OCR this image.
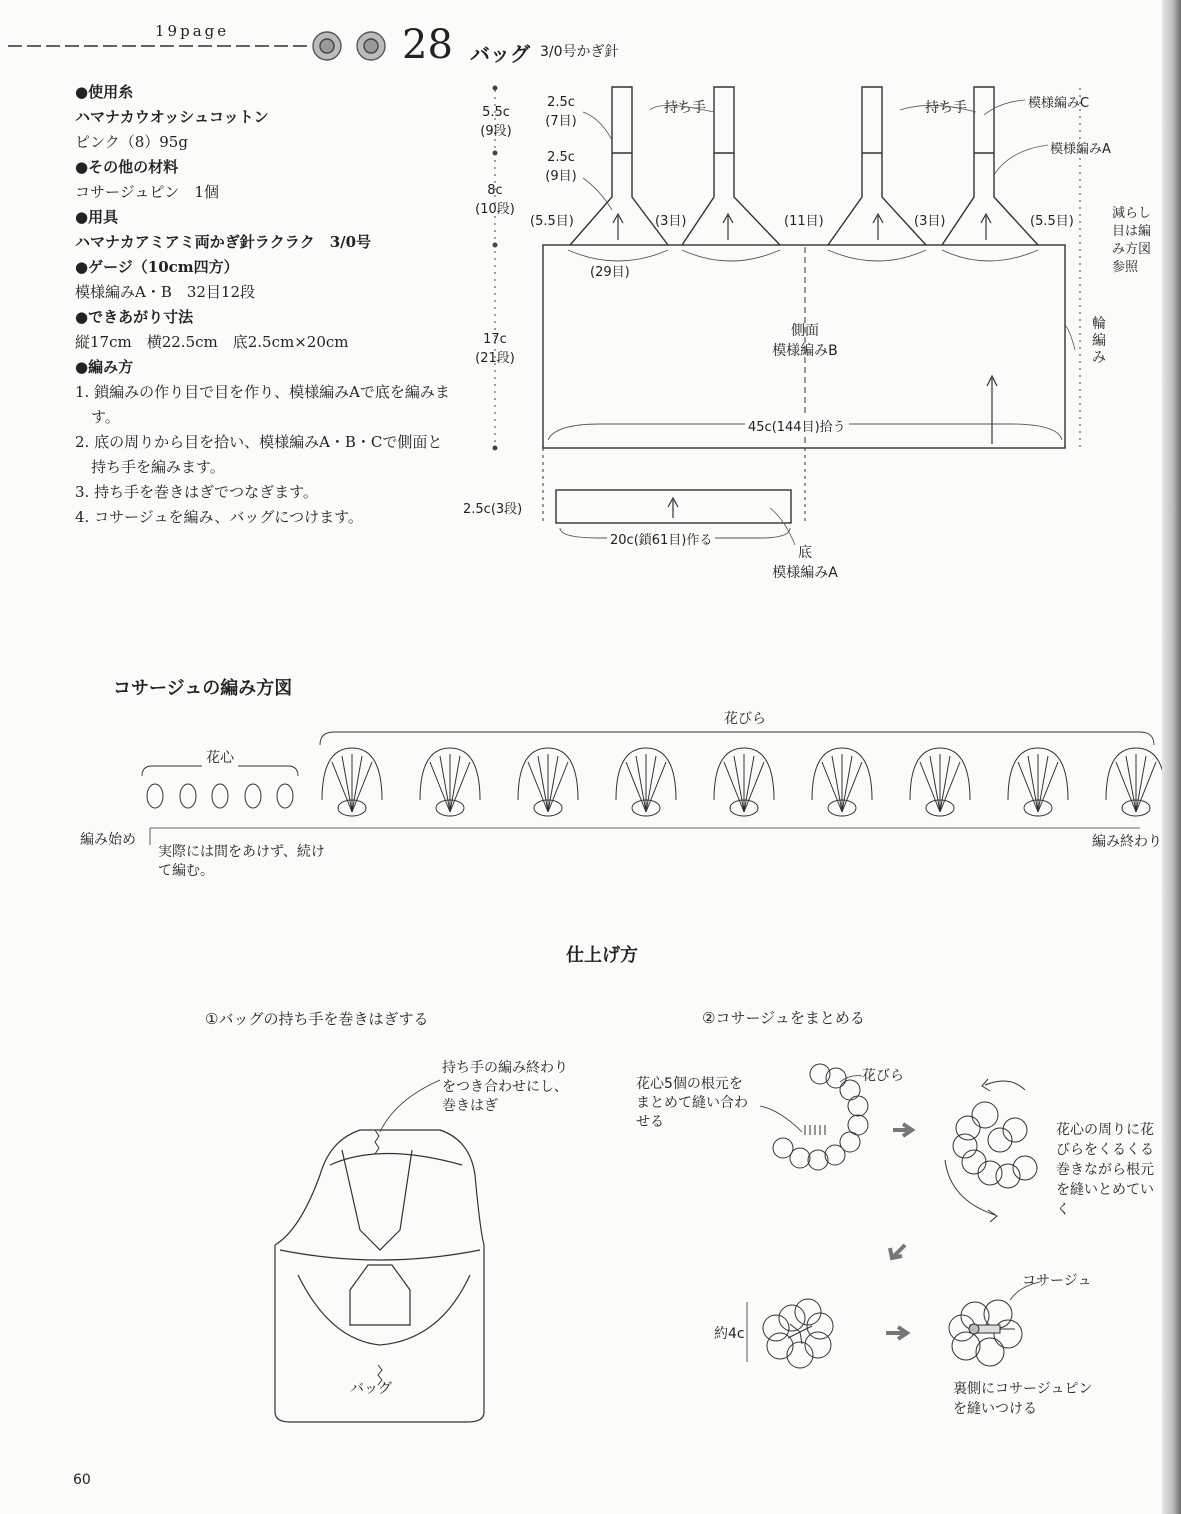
19page	28 バッグ 3/0号かぎ針
●使用糸
ハマナカウオッシュコットン
ピンク（8）95g
●その他の材料
コサージュピン　1個
●用具
ハマナカアミアミ両かぎ針ラクラク　3/0号
●ゲージ（10cm四方）
模様編みA・B　32目12段
●できあがり寸法
縦17cm　横22.5cm　底2.5cm×20cm
●編み方
1. 鎖編みの作り目で目を作り、模様編みAで底を編みます。
2. 底の周りから目を拾い、模様編みA・B・Cで側面と持ち手を編みます。
3. 持ち手を巻きはぎでつなぎます。
4. コサージュを編み、バッグにつけます。
5.5c
(9段)
8c
(10段)
17c
(21段)
2.5c(3段)
2.5c
(7目)
2.5c
(9目)
持ち手	持ち手	模様編みC
模様編みA
減らし目は編み方図参照
(5.5目)	(3目)	(11目)	(3目)	(5.5目)
(29目)
側面
模様編みB
輪編み
45c(144目)拾う
20c(鎖61目)作る
底
模様編みA
コサージュの編み方図
花びら
花心
編み始め	編み終わり
実際には間をあけず、続けて編む。
仕上げ方
①バッグの持ち手を巻きはぎする	②コサージュをまとめる
持ち手の編み終わりをつき合わせにし、巻きはぎ
バッグ
花心5個の根元をまとめて縫い合わせる
花びら
花心の周りに花びらをくるくる巻きながら根元を縫いとめていく
約4c
コサージュ
裏側にコサージュピンを縫いつける
60
